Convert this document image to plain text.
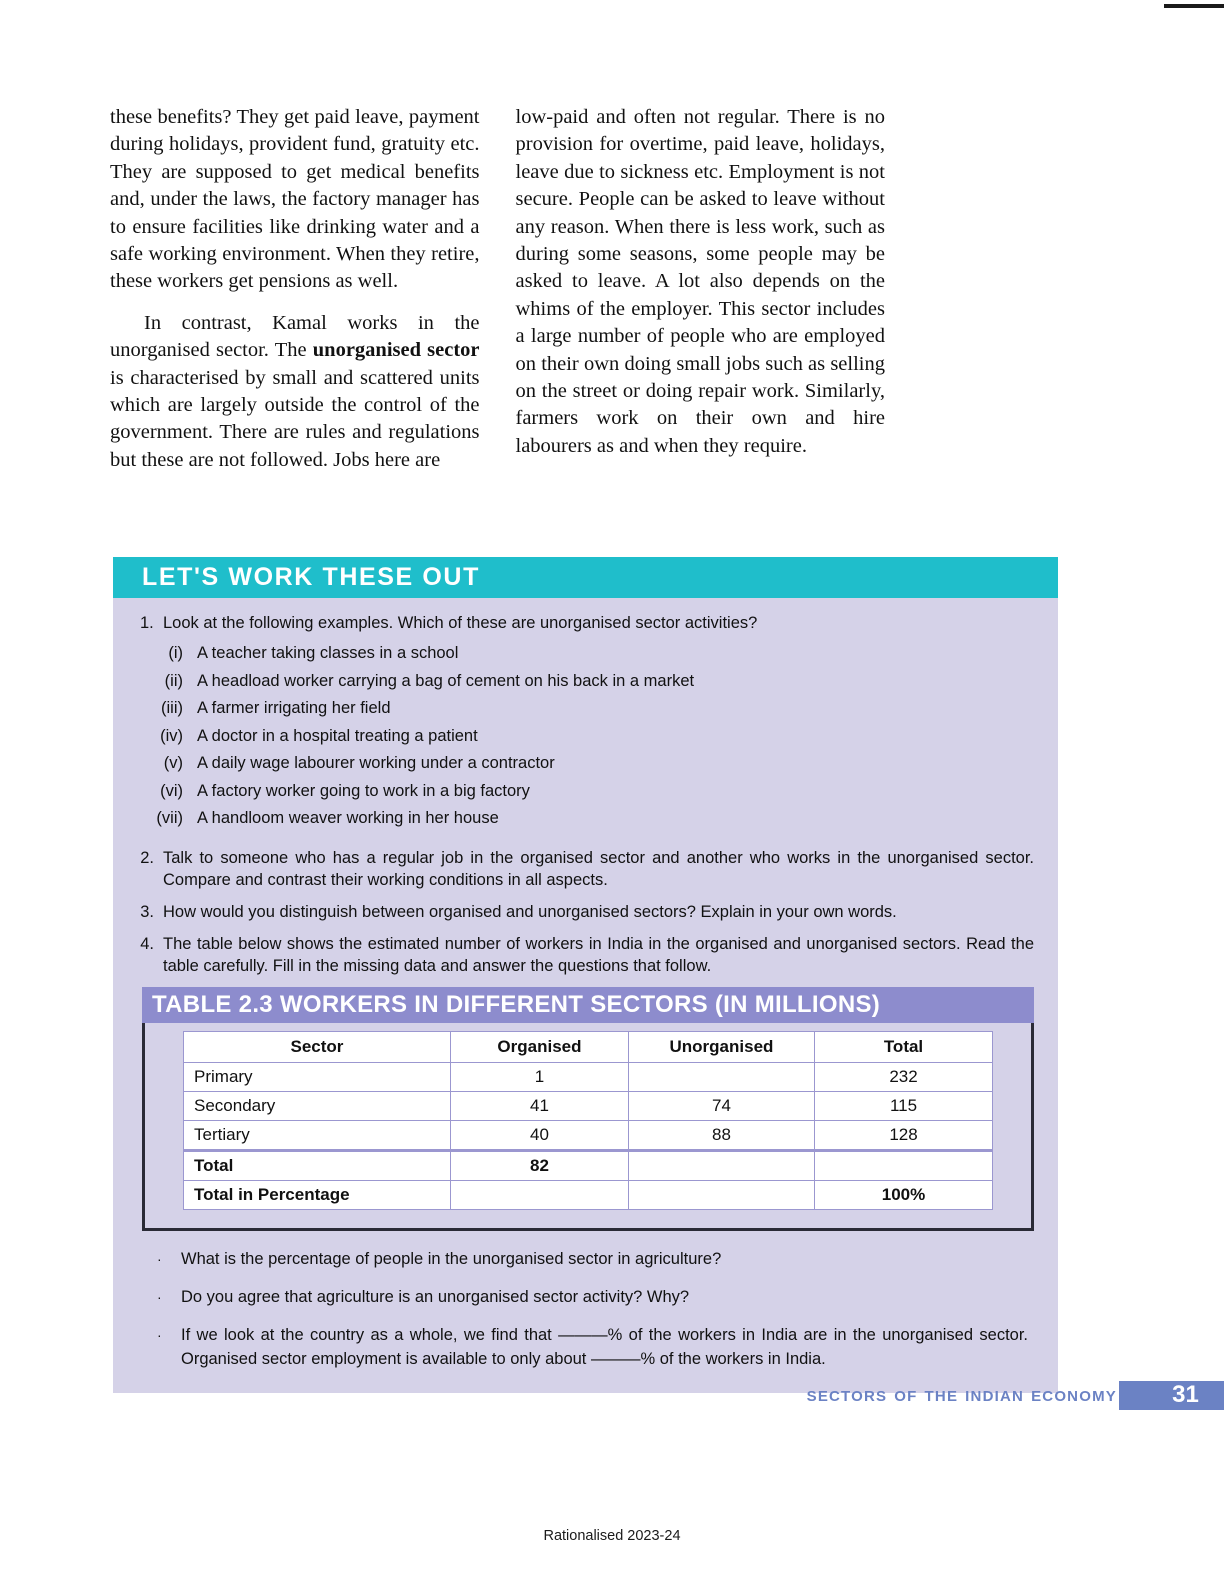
these benefits? They get paid leave, payment during holidays, provident fund, gratuity etc. They are supposed to get medical benefits and, under the laws, the factory manager has to ensure facilities like drinking water and a safe working environment. When they retire, these workers get pensions as well.

In contrast, Kamal works in the unorganised sector. The unorganised sector is characterised by small and scattered units which are largely outside the control of the government. There are rules and regulations but these are not followed. Jobs here are

low-paid and often not regular. There is no provision for overtime, paid leave, holidays, leave due to sickness etc. Employment is not secure. People can be asked to leave without any reason. When there is less work, such as during some seasons, some people may be asked to leave. A lot also depends on the whims of the employer. This sector includes a large number of people who are employed on their own doing small jobs such as selling on the street or doing repair work. Similarly, farmers work on their own and hire labourers as and when they require.

LET'S WORK THESE OUT
1. Look at the following examples. Which of these are unorganised sector activities?
(i) A teacher taking classes in a school
(ii) A headload worker carrying a bag of cement on his back in a market
(iii) A farmer irrigating her field
(iv) A doctor in a hospital treating a patient
(v) A daily wage labourer working under a contractor
(vi) A factory worker going to work in a big factory
(vii) A handloom weaver working in her house
2. Talk to someone who has a regular job in the organised sector and another who works in the unorganised sector. Compare and contrast their working conditions in all aspects.
3. How would you distinguish between organised and unorganised sectors? Explain in your own words.
4. The table below shows the estimated number of workers in India in the organised and unorganised sectors. Read the table carefully. Fill in the missing data and answer the questions that follow.
TABLE 2.3 WORKERS IN DIFFERENT SECTORS (IN MILLIONS)
Sector	Organised	Unorganised	Total
Primary	1		232
Secondary	41	74	115
Tertiary	40	88	128
Total	82		
Total in Percentage			100%
·	What is the percentage of people in the unorganised sector in agriculture?
·	Do you agree that agriculture is an unorganised sector activity? Why?
·	If we look at the country as a whole, we find that ———% of the workers in India are in the unorganised sector. Organised sector employment is available to only about ———% of the workers in India.
sectors of the indian economy 31
Rationalised 2023-24
